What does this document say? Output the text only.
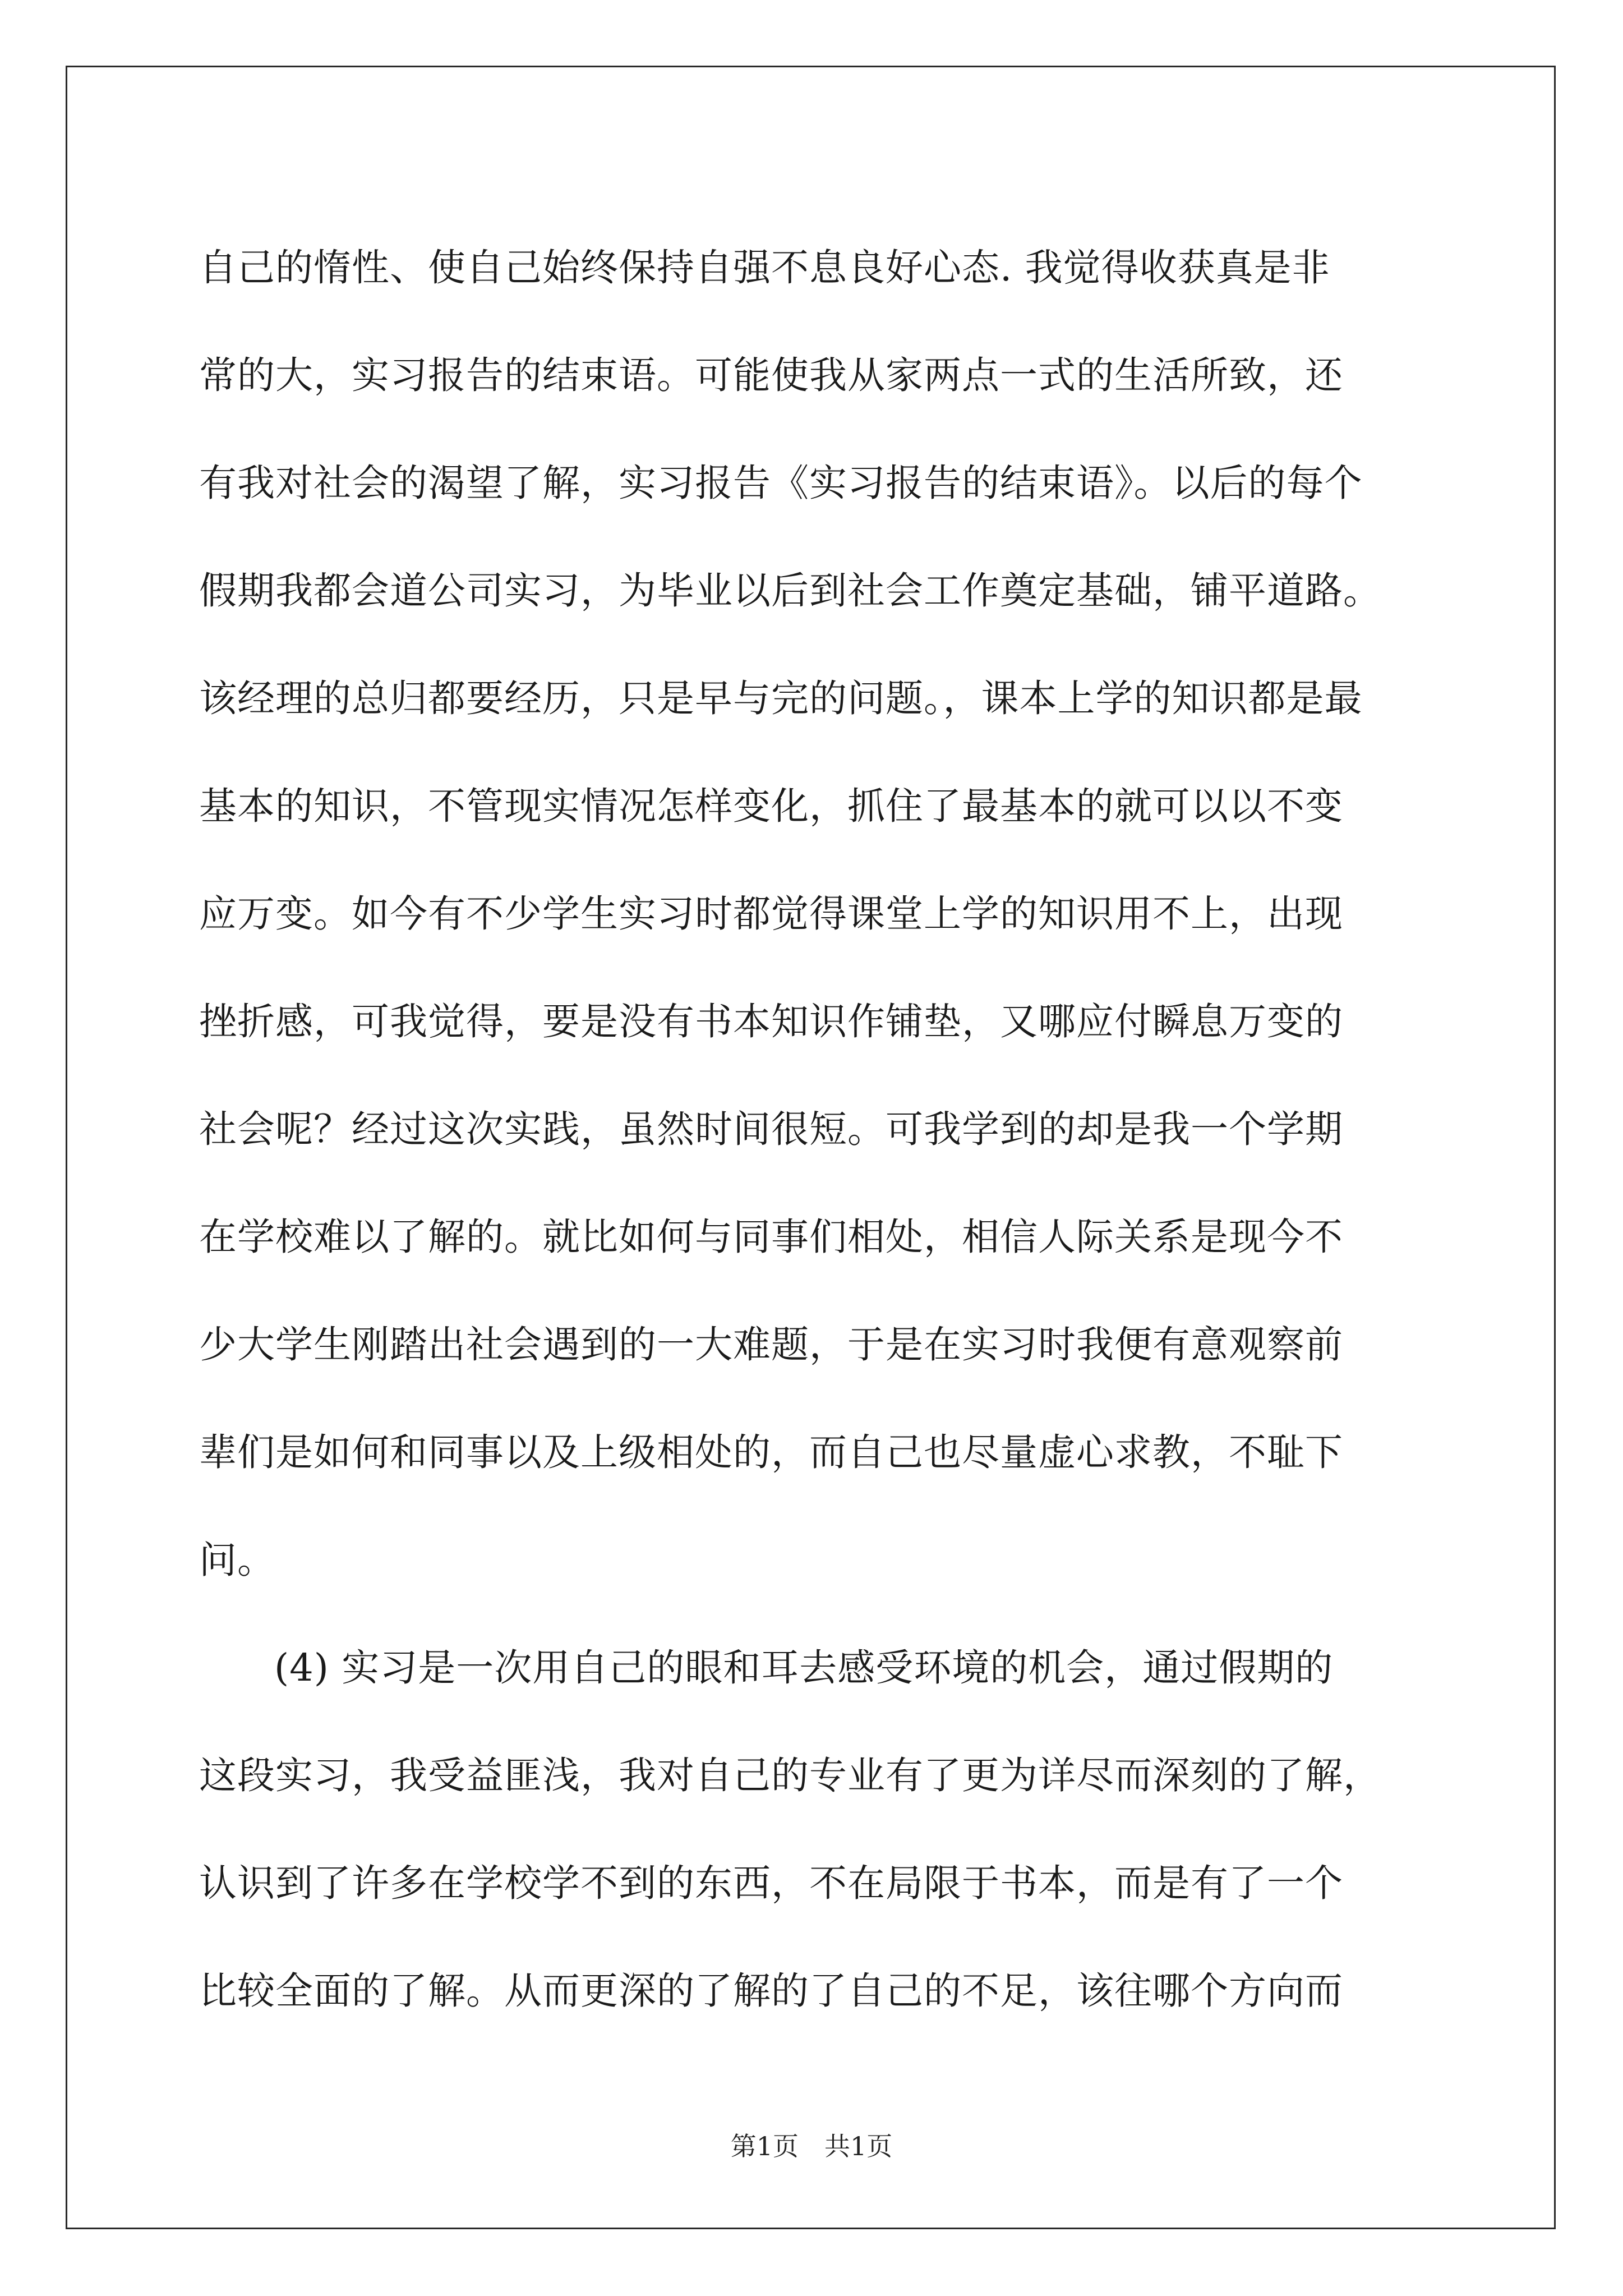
自己的惰性、使自己始终保持自强不息良好心态. 我觉得收获真是非
常的大，实习报告的结束语。可能使我从家两点一式的生活所致，还
有我对社会的渴望了解，实习报告《实习报告的结束语》。以后的每个
假期我都会道公司实习，为毕业以后到社会工作奠定基础，铺平道路。
该经理的总归都要经历，只是早与完的问题。，课本上学的知识都是最
基本的知识，不管现实情况怎样变化，抓住了最基本的就可以以不变
应万变。如今有不少学生实习时都觉得课堂上学的知识用不上，出现
挫折感，可我觉得，要是没有书本知识作铺垫，又哪应付瞬息万变的
社会呢？经过这次实践，虽然时间很短。可我学到的却是我一个学期
在学校难以了解的。就比如何与同事们相处，相信人际关系是现今不
少大学生刚踏出社会遇到的一大难题，于是在实习时我便有意观察前
辈们是如何和同事以及上级相处的，而自己也尽量虚心求教，不耻下
问。
(4) 实习是一次用自己的眼和耳去感受环境的机会，通过假期的
这段实习，我受益匪浅，我对自己的专业有了更为详尽而深刻的了解，
认识到了许多在学校学不到的东西，不在局限于书本，而是有了一个
比较全面的了解。从而更深的了解的了自己的不足，该往哪个方向而
第1页　共1页
